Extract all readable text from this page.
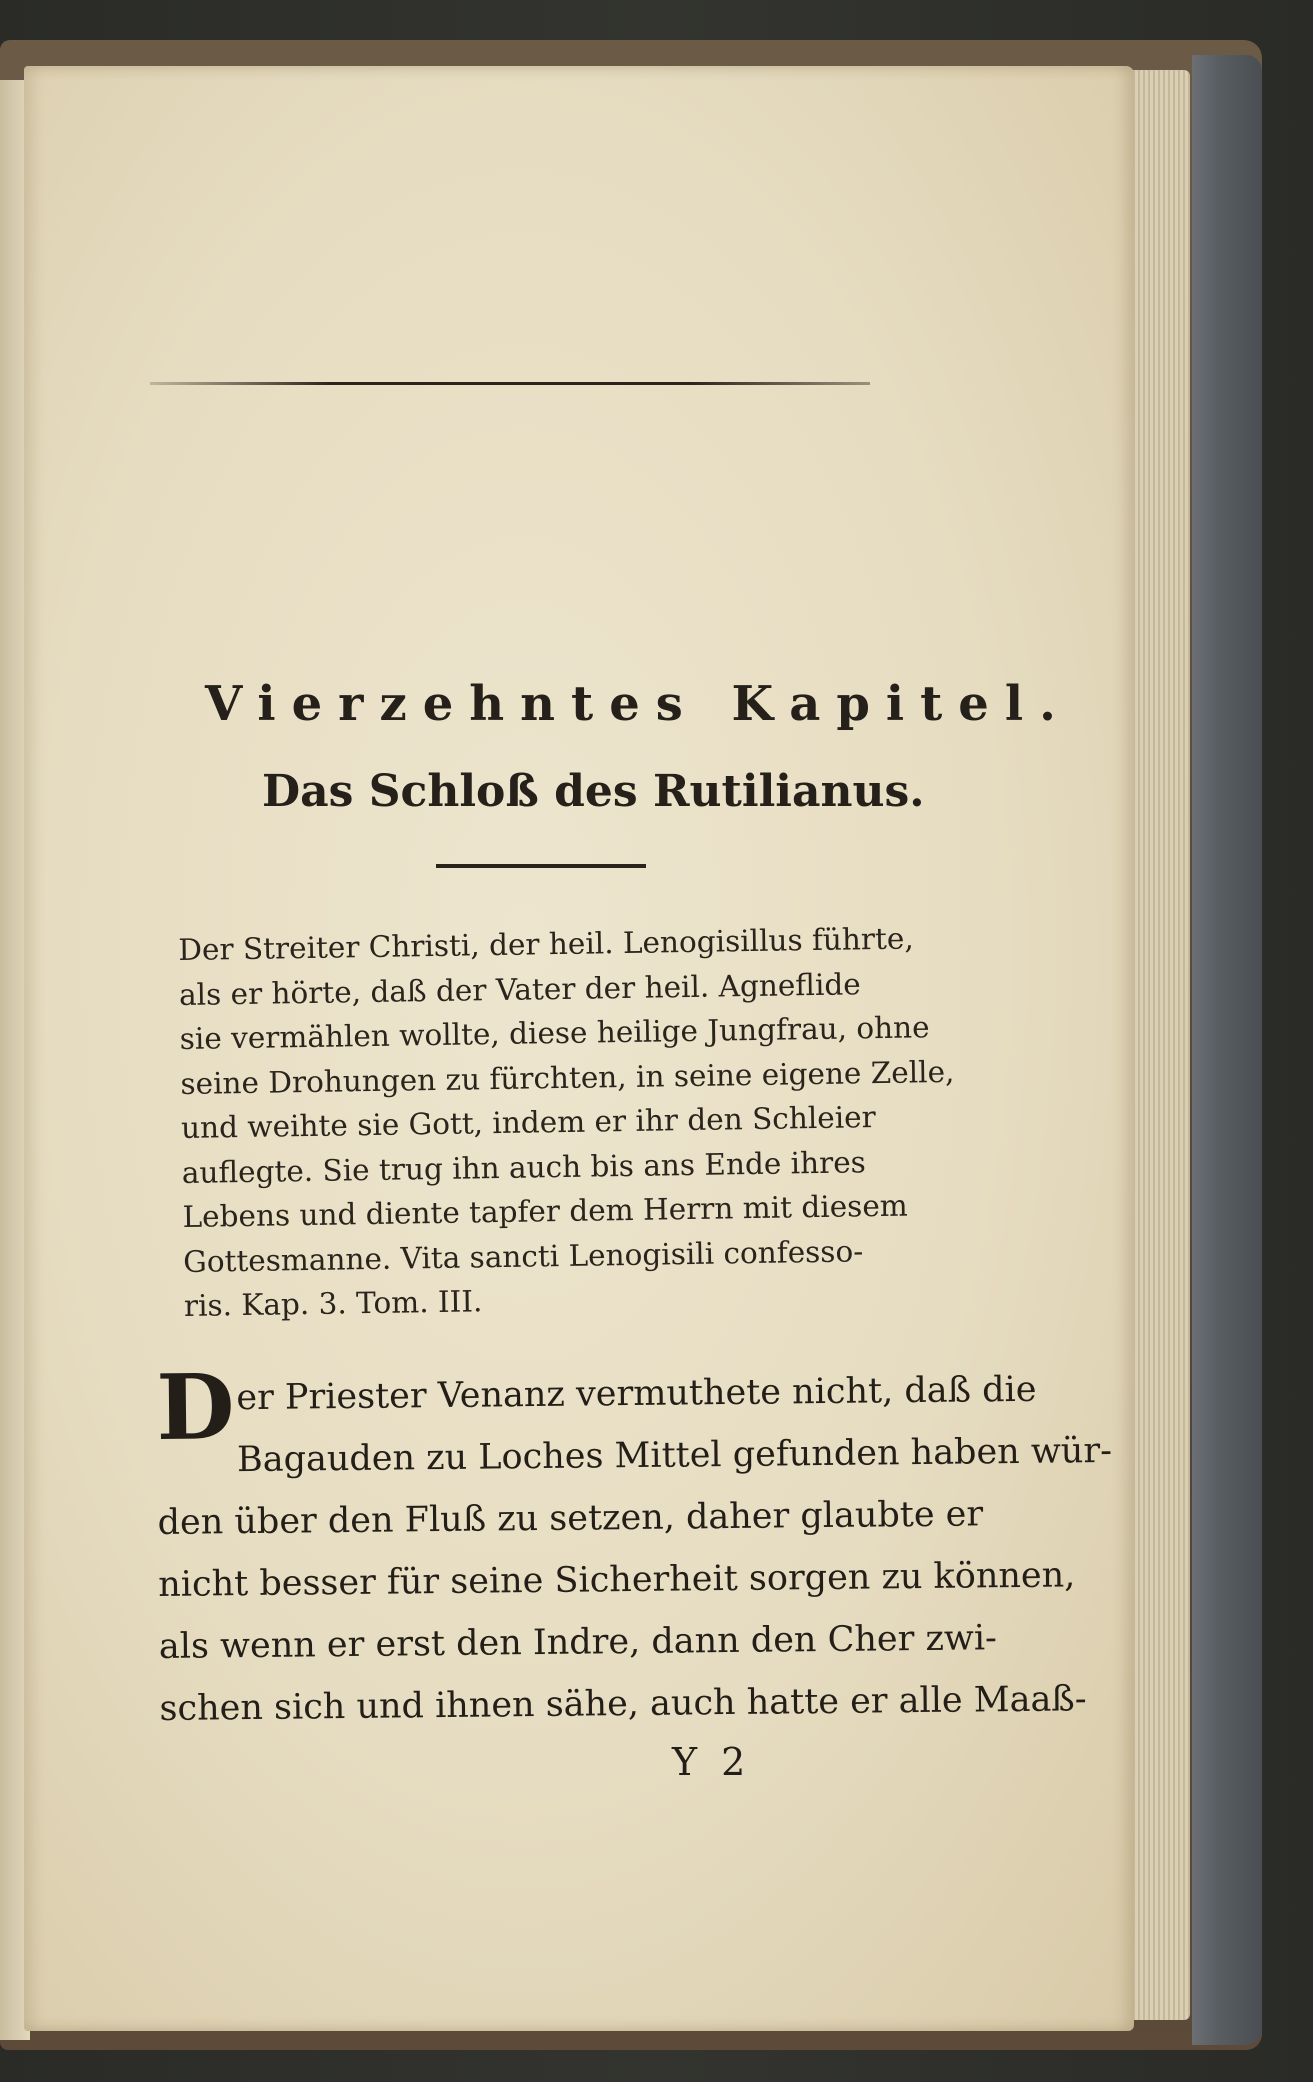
Vierzehntes Kapitel.
Das Schloß des Rutilianus.
Der Streiter Christi, der heil. Lenogisillus führte,
als er hörte, daß der Vater der heil. Agneflide
sie vermählen wollte, diese heilige Jungfrau, ohne
seine Drohungen zu fürchten, in seine eigene Zelle,
und weihte sie Gott, indem er ihr den Schleier
auflegte. Sie trug ihn auch bis ans Ende ihres
Lebens und diente tapfer dem Herrn mit diesem
Gottesmanne. Vita sancti Lenogisili confesso-
ris. Kap. 3. Tom. III.
Der Priester Venanz vermuthete nicht, daß die
Bagauden zu Loches Mittel gefunden haben wür-
den über den Fluß zu setzen, daher glaubte er
nicht besser für seine Sicherheit sorgen zu können,
als wenn er erst den Indre, dann den Cher zwi-
schen sich und ihnen sähe, auch hatte er alle Maaß-
Y 2
